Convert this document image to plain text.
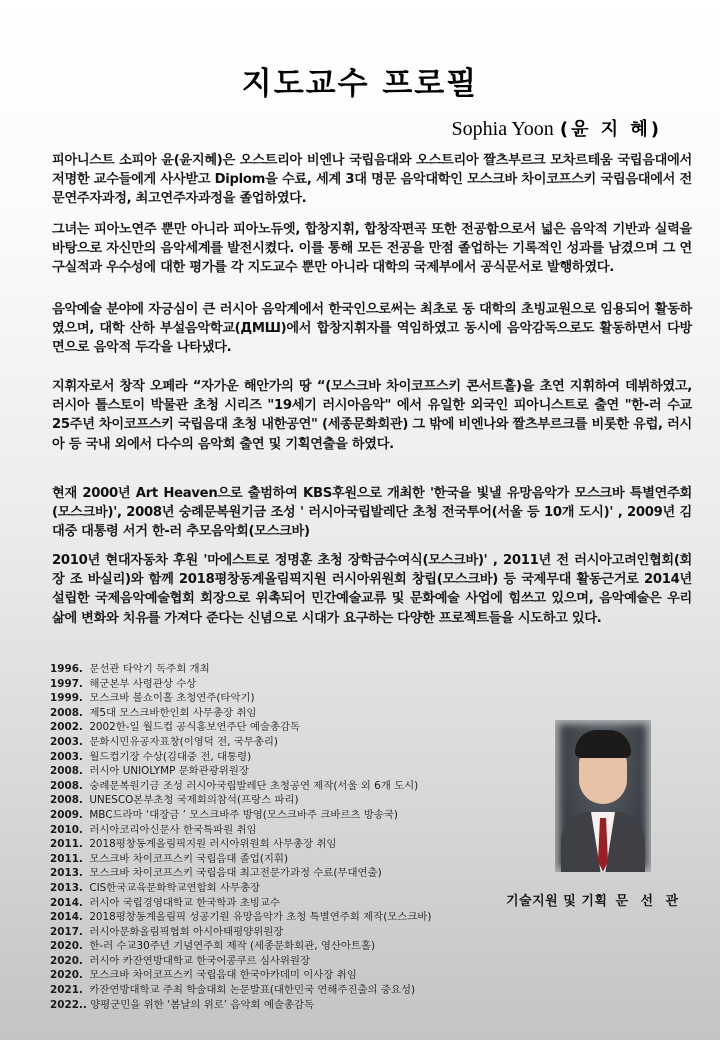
지도교수 프로필
Sophia Yoon (윤 지 혜)

피아니스트 소피아 윤(윤지혜)은 오스트리아 비엔나 국립음대와 오스트리아 짤츠부르크 모차르테움 국립음대에서 저명한 교수들에게 사사받고 Diplom을 수료, 세계 3대 명문 음악대학인 모스크바 차이코프스키 국립음대에서 전문연주자과정, 최고연주자과정을 졸업하였다.

그녀는 피아노연주 뿐만 아니라 피아노듀엣, 합창지휘, 합창작편곡 또한 전공함으로서 넓은 음악적 기반과 실력을 바탕으로 자신만의 음악세계를 발전시켰다. 이를 통해 모든 전공을 만점 졸업하는 기록적인 성과를 남겼으며 그 연구실적과 우수성에 대한 평가를 각 지도교수 뿐만 아니라 대학의 국제부에서 공식문서로 발행하였다.

음악예술 분야에 자긍심이 큰 러시아 음악계에서 한국인으로써는 최초로 동 대학의 초빙교원으로 임용되어 활동하였으며, 대학 산하 부설음악학교(ДМШ)에서 합창지휘자를 역임하였고 동시에 음악감독으로도 활동하면서 다방면으로 음악적 두각을 나타냈다.

지휘자로서 창작 오페라 “자가운 해안가의 땅 “(모스크바 차이코프스키 콘서트홀)을 초연 지휘하여 데뷔하였고, 러시아 톨스토이 박물관 초청 시리즈 "19세기 러시아음악" 에서 유일한 외국인 피아니스트로 출연 "한-러 수교 25주년 차이코프스키 국립음대 초청 내한공연" (세종문화회관) 그 밖에 비엔나와 짤츠부르크를 비롯한 유럽, 러시아 등 국내 외에서 다수의 음악회 출연 및 기획연출을 하였다.

현재 2000년 Art Heaven으로 출범하여 KBS후원으로 개최한 '한국을 빛낼 유망음악가 모스크바 특별연주회(모스크바)', 2008년 숭례문복원기금 조성 ' 러시아국립발레단 초청 전국투어(서울 등 10개 도시)' , 2009년 김대중 대통령 서거 한-러 추모음악회(모스크바)

2010년 현대자동차 후원 '마에스트로 정명훈 초청 장학금수여식(모스크바)' , 2011년 전 러시아고려인협회(회장 조 바실리)와 함께 2018평창동계올림픽지원 러시아위원회 창립(모스크바) 등 국제무대 활동근거로 2014년 설립한 국제음악예술협회 회장으로 위촉되어 민간예술교류 및 문화예술 사업에 힘쓰고 있으며, 음악예술은 우리 삶에 변화와 치유를 가져다 준다는 신념으로 시대가 요구하는 다양한 프로젝트들을 시도하고 있다.

1996. 문선관 타악기 독주회 개최
1997. 해군본부 사령관상 수상
1999. 모스크바 볼쇼이홀 초청연주(타악기)
2008. 제5대 모스크바한인회 사무총장 취임
2002. 2002한-일 월드컵 공식홍보연주단 예술총감독
2003. 문화시민유공자표창(이영덕 전, 국무총리)
2003. 월드컵기장 수상(김대중 전, 대통령)
2008. 러시아 UNIOLYMP 문화관광위원장
2008. 숭례문복원기금 조성 러시아국립발레단 초청공연 제작(서울 외 6개 도시)
2008. UNESCO본부초청 국제회의참석(프랑스 파리)
2009. MBC드라마 ‘대장금 ’ 모스크바주 방영(모스크바주 크바르츠 방송국)
2010. 러시아코리아신문사 한국특파원 취임
2011. 2018평창동계올림픽지원 러시아위원회 사무총장 취임
2011. 모스크바 차이코프스키 국립음대 졸업(지휘)
2013. 모스크바 차이코프스키 국립음대 최고전문가과정 수료(무대연출)
2013. CIS한국교육문화학교연합회 사무총장
2014. 러시아 국립경영대학교 한국학과 초빙교수
2014. 2018평창동계올림픽 성공기원 유망음악가 초청 특별연주회 제작(모스크바)
2017. 러시아문화올림픽협회 아시아태평양위원장
2020. 한-러 수교30주년 기념연주회 제작 (세종문화회관, 영산아트홀)
2020. 러시아 카잔연방대학교 한국어콩쿠르 심사위원장
2020. 모스크바 차이코프스키 국립음대 한국아카데미 이사장 취임
2021. 카잔연방대학교 주최 학술대회 논문발표(대한민국 연해주진출의 중요성)
2022.. 양평군민을 위한 ‘봄날의 위로’ 음악회 예술총감독
기술지원 및 기획 문 선 관
